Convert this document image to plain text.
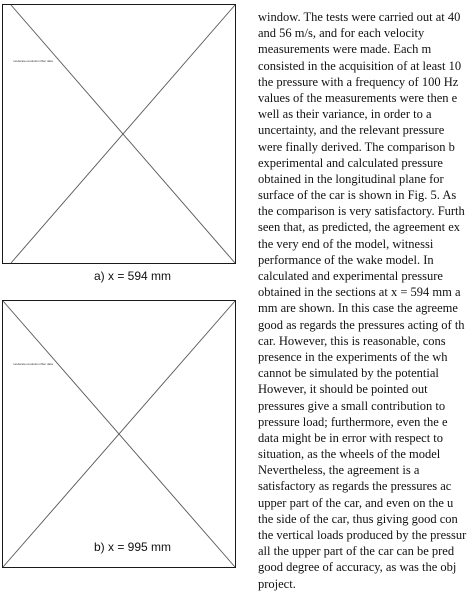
moderate-resolution filter data
a) x = 594 mm
moderate-resolution filter data
b) x = 995 mm
window. The tests were carried out at 40
and 56 m/s, and for each velocity
measurements were made. Each m
consisted in the acquisition of at least 10
the pressure with a frequency of 100 Hz
values of the measurements were then e
well as their variance, in order to a
uncertainty, and the relevant pressure
were finally derived. The comparison b
experimental and calculated pressure
obtained in the longitudinal plane for
surface of the car is shown in Fig. 5. As
the comparison is very satisfactory. Furth
seen that, as predicted, the agreement ex
the very end of the model, witnessi
performance of the wake model. In
calculated and experimental pressure
obtained in the sections at x = 594 mm a
mm are shown. In this case the agreeme
good as regards the pressures acting of th
car. However, this is reasonable, cons
presence in the experiments of the wh
cannot be simulated by the potential
However, it should be pointed out
pressures give a small contribution to
pressure load; furthermore, even the e
data might be in error with respect to
situation, as the wheels of the model
Nevertheless, the agreement is a
satisfactory as regards the pressures ac
upper part of the car, and even on the u
the side of the car, thus giving good con
the vertical loads produced by the pressur
all the upper part of the car can be pred
good degree of accuracy, as was the obj
project.
